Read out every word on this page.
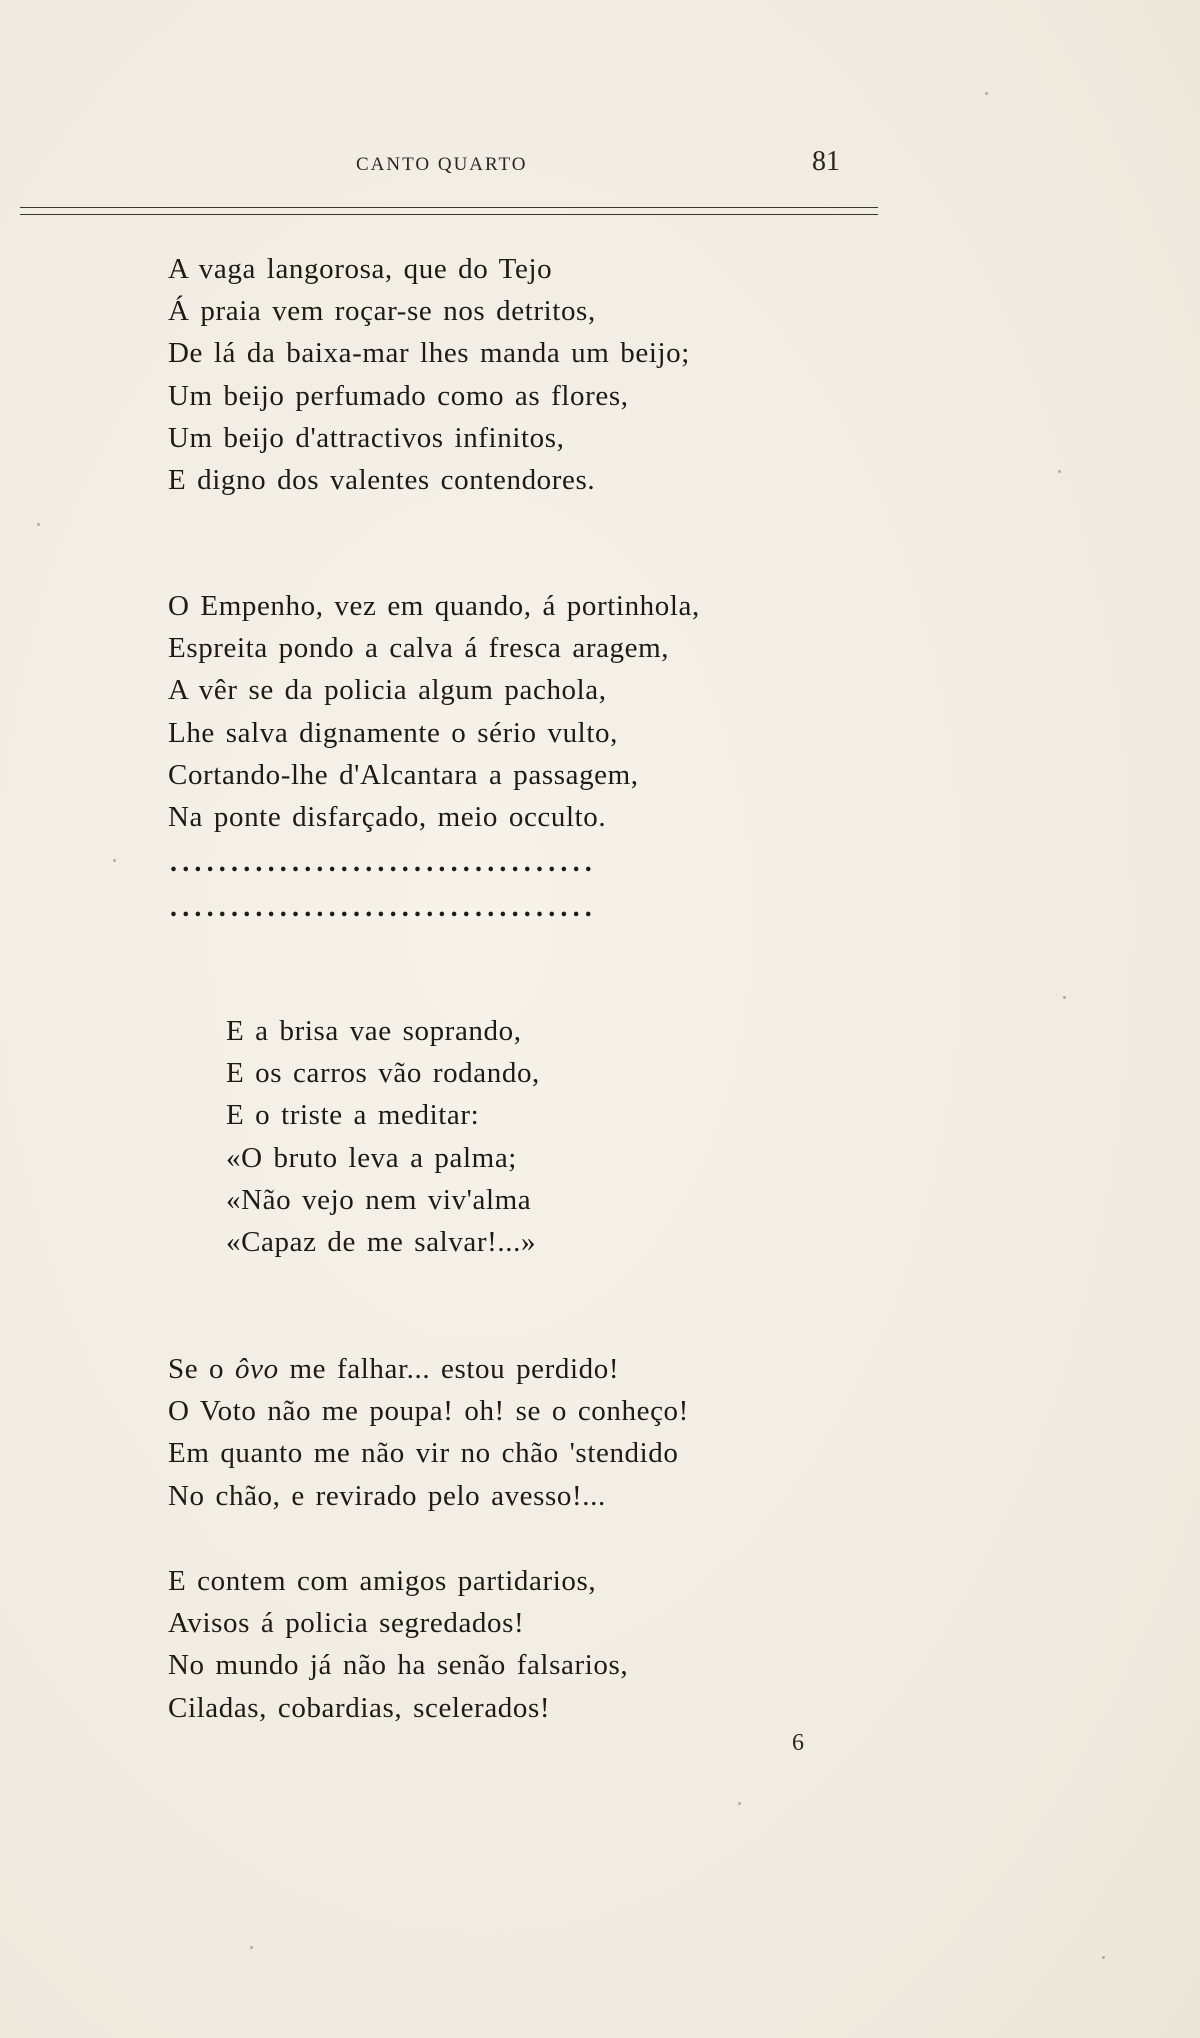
CANTO QUARTO	81
A vaga langorosa, que do Tejo
Á praia vem roçar-se nos detritos,
De lá da baixa-mar lhes manda um beijo;
Um beijo perfumado como as flores,
Um beijo d'attractivos infinitos,
E digno dos valentes contendores.
O Empenho, vez em quando, á portinhola,
Espreita pondo a calva á fresca aragem,
A vêr se da policia algum pachola,
Lhe salva dignamente o sério vulto,
Cortando-lhe d'Alcantara a passagem,
Na ponte disfarçado, meio occulto.
...................................
...................................
E a brisa vae soprando,
E os carros vão rodando,
E o triste a meditar:
«O bruto leva a palma;
«Não vejo nem viv'alma
«Capaz de me salvar!...»
Se o ôvo me falhar... estou perdido!
O Voto não me poupa! oh! se o conheço!
Em quanto me não vir no chão 'stendido
No chão, e revirado pelo avesso!...
E contem com amigos partidarios,
Avisos á policia segredados!
No mundo já não ha senão falsarios,
Ciladas, cobardias, scelerados!
6
